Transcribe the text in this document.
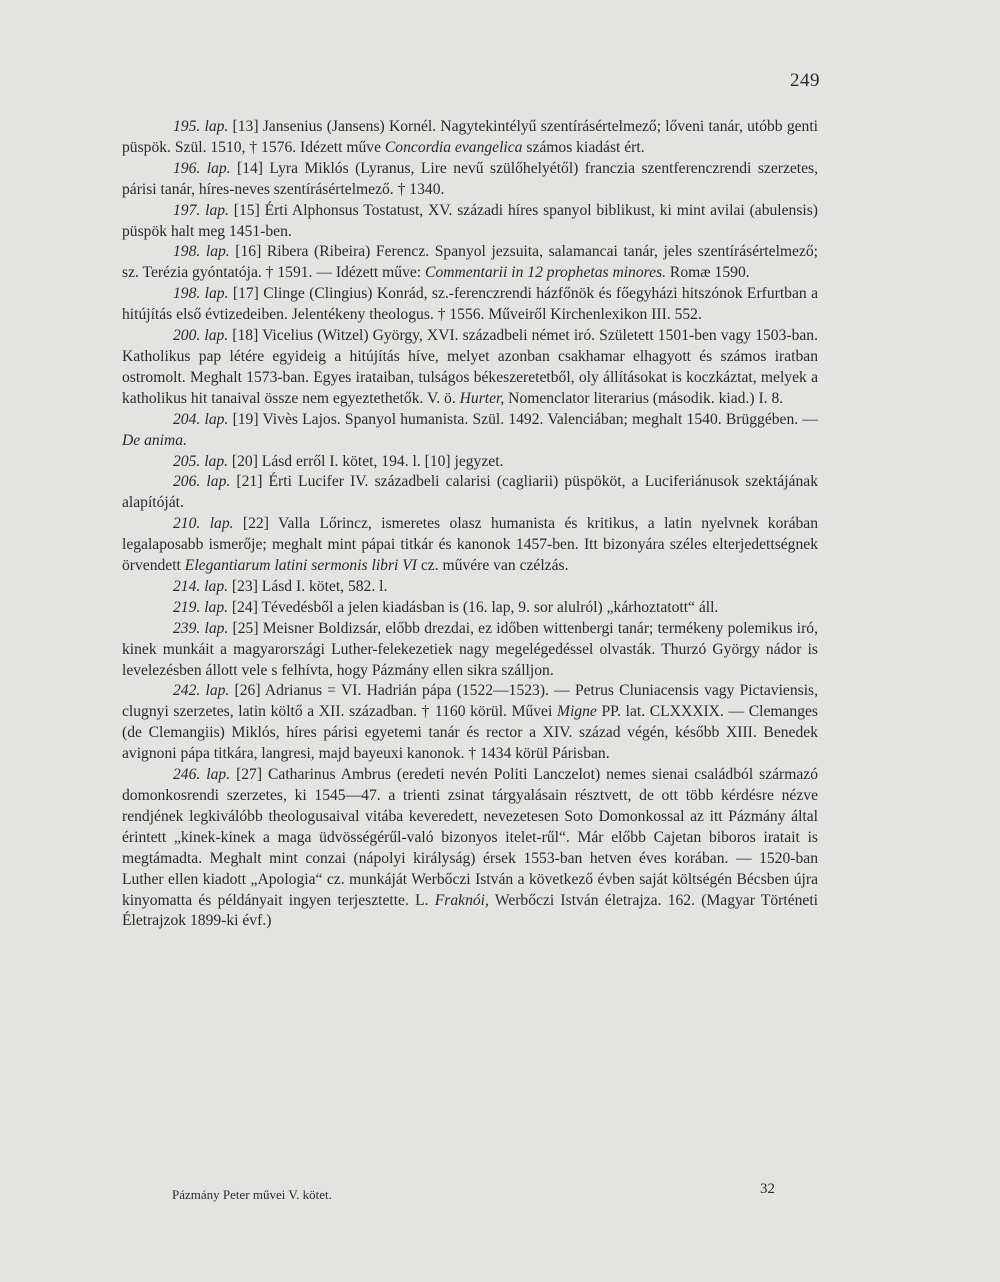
249

195. lap. [13] Jansenius (Jansens) Kornél. Nagytekintélyű szentírásértelmező; lőveni tanár, utóbb genti püspök. Szül. 1510, † 1576. Idézett műve Concordia evangelica számos kiadást ért.

196. lap. [14] Lyra Miklós (Lyranus, Lire nevű szülőhelyétől) franczia szentferenczrendi szerzetes, párisi tanár, híres-neves szentírásértelmező. † 1340.

197. lap. [15] Érti Alphonsus Tostatust, XV. századi híres spanyol biblikust, ki mint avilai (abulensis) püspök halt meg 1451-ben.

198. lap. [16] Ribera (Ribeira) Ferencz. Spanyol jezsuita, salamancai tanár, jeles szentírásértelmező; sz. Terézia gyóntatója. † 1591. — Idézett műve: Commentarii in 12 prophetas minores. Romæ 1590.

198. lap. [17] Clinge (Clingius) Konrád, sz.-ferenczrendi házfőnök és főegyházi hitszónok Erfurtban a hitújítás első évtizedeiben. Jelentékeny theologus. † 1556. Műveiről Kirchenlexikon III. 552.

200. lap. [18] Vicelius (Witzel) György, XVI. századbeli német iró. Született 1501-ben vagy 1503-ban. Katholikus pap létére egyideig a hitújítás híve, melyet azonban csakhamar elhagyott és számos iratban ostromolt. Meghalt 1573-ban. Egyes irataiban, tulságos békeszeretetből, oly állításokat is koczkáztat, melyek a katholikus hit tanaival össze nem egyeztethetők. V. ö. Hurter, Nomenclator literarius (második. kiad.) I. 8.

204. lap. [19] Vivès Lajos. Spanyol humanista. Szül. 1492. Valenciában; meghalt 1540. Brüggében. — De anima.

205. lap. [20] Lásd erről I. kötet, 194. l. [10] jegyzet.

206. lap. [21] Érti Lucifer IV. századbeli calarisi (cagliarii) püspököt, a Luciferiánusok szektájának alapítóját.

210. lap. [22] Valla Lőrincz, ismeretes olasz humanista és kritikus, a latin nyelvnek korában legalaposabb ismerője; meghalt mint pápai titkár és kanonok 1457-ben. Itt bizonyára széles elterjedettségnek örvendett Elegantiarum latini sermonis libri VI cz. művére van czélzás.

214. lap. [23] Lásd I. kötet, 582. l.

219. lap. [24] Tévedésből a jelen kiadásban is (16. lap, 9. sor alulról) „kárhoztatott“ áll.

239. lap. [25] Meisner Boldizsár, előbb drezdai, ez időben wittenbergi tanár; termékeny polemikus iró, kinek munkáit a magyarországi Luther-felekezetiek nagy megelégedéssel olvasták. Thurzó György nádor is levelezésben állott vele s felhívta, hogy Pázmány ellen sikra szálljon.

242. lap. [26] Adrianus = VI. Hadrián pápa (1522—1523). — Petrus Cluniacensis vagy Pictaviensis, clugnyi szerzetes, latin költő a XII. században. † 1160 körül. Művei Migne PP. lat. CLXXXIX. — Clemanges (de Clemangiis) Miklós, híres párisi egyetemi tanár és rector a XIV. század végén, később XIII. Benedek avignoni pápa titkára, langresi, majd bayeuxi kanonok. † 1434 körül Párisban.

246. lap. [27] Catharinus Ambrus (eredeti nevén Politi Lanczelot) nemes sienai családból származó domonkosrendi szerzetes, ki 1545—47. a trienti zsinat tárgyalásain résztvett, de ott több kérdésre nézve rendjének legkiválóbb theologusaival vitába keveredett, nevezetesen Soto Domonkossal az itt Pázmány által érintett „kinek-kinek a maga üdvösségérűl-való bizonyos itelet-rűl“. Már előbb Cajetan biboros iratait is megtámadta. Meghalt mint conzai (nápolyi királyság) érsek 1553-ban hetven éves korában. — 1520-ban Luther ellen kiadott „Apologia“ cz. munkáját Werbőczi István a következő évben saját költségén Bécsben újra kinyomatta és példányait ingyen terjesztette. L. Fraknói, Werbőczi István életrajza. 162. (Magyar Történeti Életrajzok 1899-ki évf.)

Pázmány Peter művei V. kötet.	32
